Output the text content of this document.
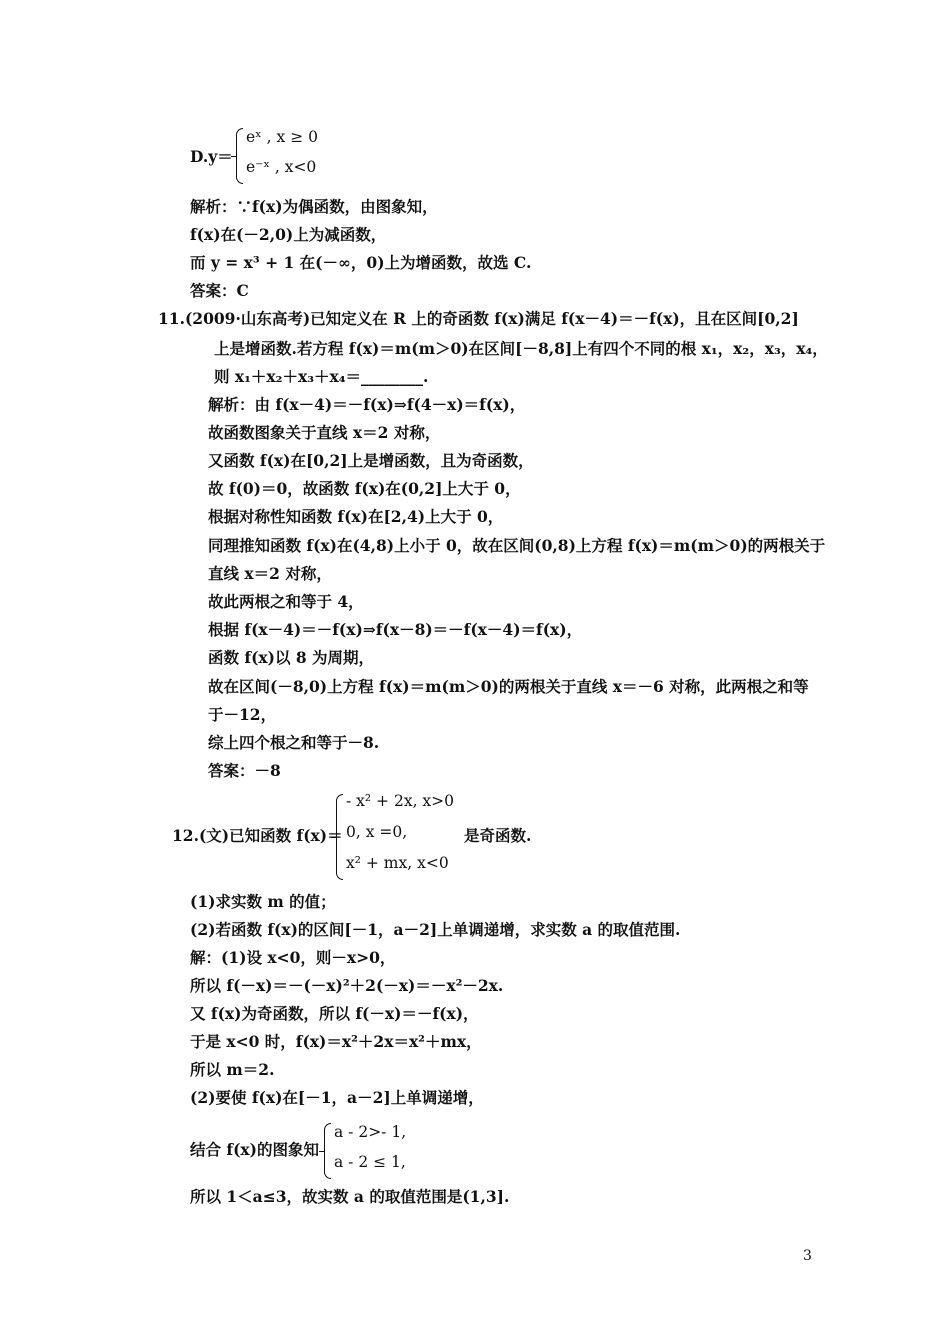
D.y＝
eˣ , x ≥ 0
e⁻ˣ , x<0
解析：∵f(x)为偶函数，由图象知，
f(x)在(－2,0)上为减函数，
而 y = x³ + 1 在(－∞，0)上为增函数，故选 C.
答案：C
11.(2009·山东高考)已知定义在 R 上的奇函数 f(x)满足 f(x－4)＝－f(x)，且在区间[0,2]
上是增函数.若方程 f(x)＝m(m＞0)在区间[－8,8]上有四个不同的根 x₁，x₂，x₃，x₄，
则 x₁＋x₂＋x₃＋x₄＝________.
解析：由 f(x－4)＝－f(x)⇒f(4－x)＝f(x)，
故函数图象关于直线 x＝2 对称，
又函数 f(x)在[0,2]上是增函数，且为奇函数，
故 f(0)＝0，故函数 f(x)在(0,2]上大于 0，
根据对称性知函数 f(x)在[2,4)上大于 0，
同理推知函数 f(x)在(4,8)上小于 0，故在区间(0,8)上方程 f(x)＝m(m＞0)的两根关于
直线 x＝2 对称，
故此两根之和等于 4，
根据 f(x－4)＝－f(x)⇒f(x－8)＝－f(x－4)＝f(x)，
函数 f(x)以 8 为周期，
故在区间(－8,0)上方程 f(x)＝m(m＞0)的两根关于直线 x＝－6 对称，此两根之和等
于－12，
综上四个根之和等于－8.
答案：－8
12.(文)已知函数 f(x)＝
- x² + 2x, x>0
0, x =0,
x² + mx, x<0
是奇函数.
(1)求实数 m 的值；
(2)若函数 f(x)的区间[－1，a－2]上单调递增，求实数 a 的取值范围.
解：(1)设 x<0，则－x>0，
所以 f(－x)＝－(－x)²＋2(－x)＝－x²－2x.
又 f(x)为奇函数，所以 f(－x)＝－f(x)，
于是 x<0 时，f(x)＝x²＋2x＝x²＋mx，
所以 m＝2.
(2)要使 f(x)在[－1，a－2]上单调递增，
结合 f(x)的图象知
a - 2>- 1,
a - 2 ≤ 1,
所以 1＜a≤3，故实数 a 的取值范围是(1,3].
3
